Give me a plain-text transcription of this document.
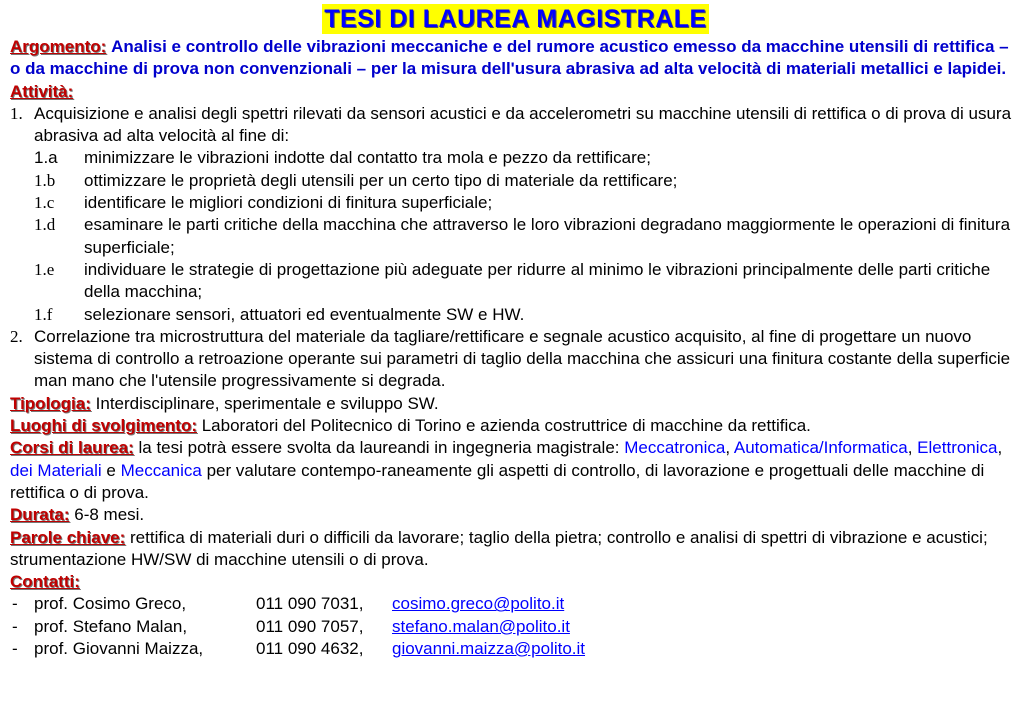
TESI DI LAUREA MAGISTRALE

Argomento: Analisi e controllo delle vibrazioni meccaniche e del rumore acustico emesso da macchine utensili di rettifica – o da macchine di prova non convenzionali – per la misura dell'usura abrasiva ad alta velocità di materiali metallici e lapidei.

Attività:

1. Acquisizione e analisi degli spettri rilevati da sensori acustici e da accelerometri su macchine utensili di rettifica o di prova di usura abrasiva ad alta velocità al fine di:
1.a	minimizzare le vibrazioni indotte dal contatto tra mola e pezzo da rettificare;
1.b	ottimizzare le proprietà degli utensili per un certo tipo di materiale da rettificare;
1.c	identificare le migliori condizioni di finitura superficiale;
1.d	esaminare le parti critiche della macchina che attraverso le loro vibrazioni degradano maggiormente le operazioni di finitura superficiale;
1.e	individuare le strategie di progettazione più adeguate per ridurre al minimo le vibrazioni principalmente delle parti critiche della macchina;
1.f	selezionare sensori, attuatori ed eventualmente SW e HW.
2. Correlazione tra microstruttura del materiale da tagliare/rettificare e segnale acustico acquisito, al fine di progettare un nuovo sistema di controllo a retroazione operante sui parametri di taglio della macchina che assicuri una finitura costante della superficie man mano che l'utensile progressivamente si degrada.

Tipologia: Interdisciplinare, sperimentale e sviluppo SW.

Luoghi di svolgimento: Laboratori del Politecnico di Torino e azienda costruttrice di macchine da rettifica.

Corsi di laurea: la tesi potrà essere svolta da laureandi in ingegneria magistrale: Meccatronica, Automatica/Informatica, Elettronica, dei Materiali e Meccanica per valutare contempo-raneamente gli aspetti di controllo, di lavorazione e progettuali delle macchine di rettifica o di prova.

Durata: 6-8 mesi.

Parole chiave: rettifica di materiali duri o difficili da lavorare; taglio della pietra; controllo e analisi di spettri di vibrazione e acustici; strumentazione HW/SW di macchine utensili o di prova.

Contatti:

- prof. Cosimo Greco,	011 090 7031,	cosimo.greco@polito.it
- prof. Stefano Malan,	011 090 7057,	stefano.malan@polito.it
- prof. Giovanni Maizza,	011 090 4632,	giovanni.maizza@polito.it
